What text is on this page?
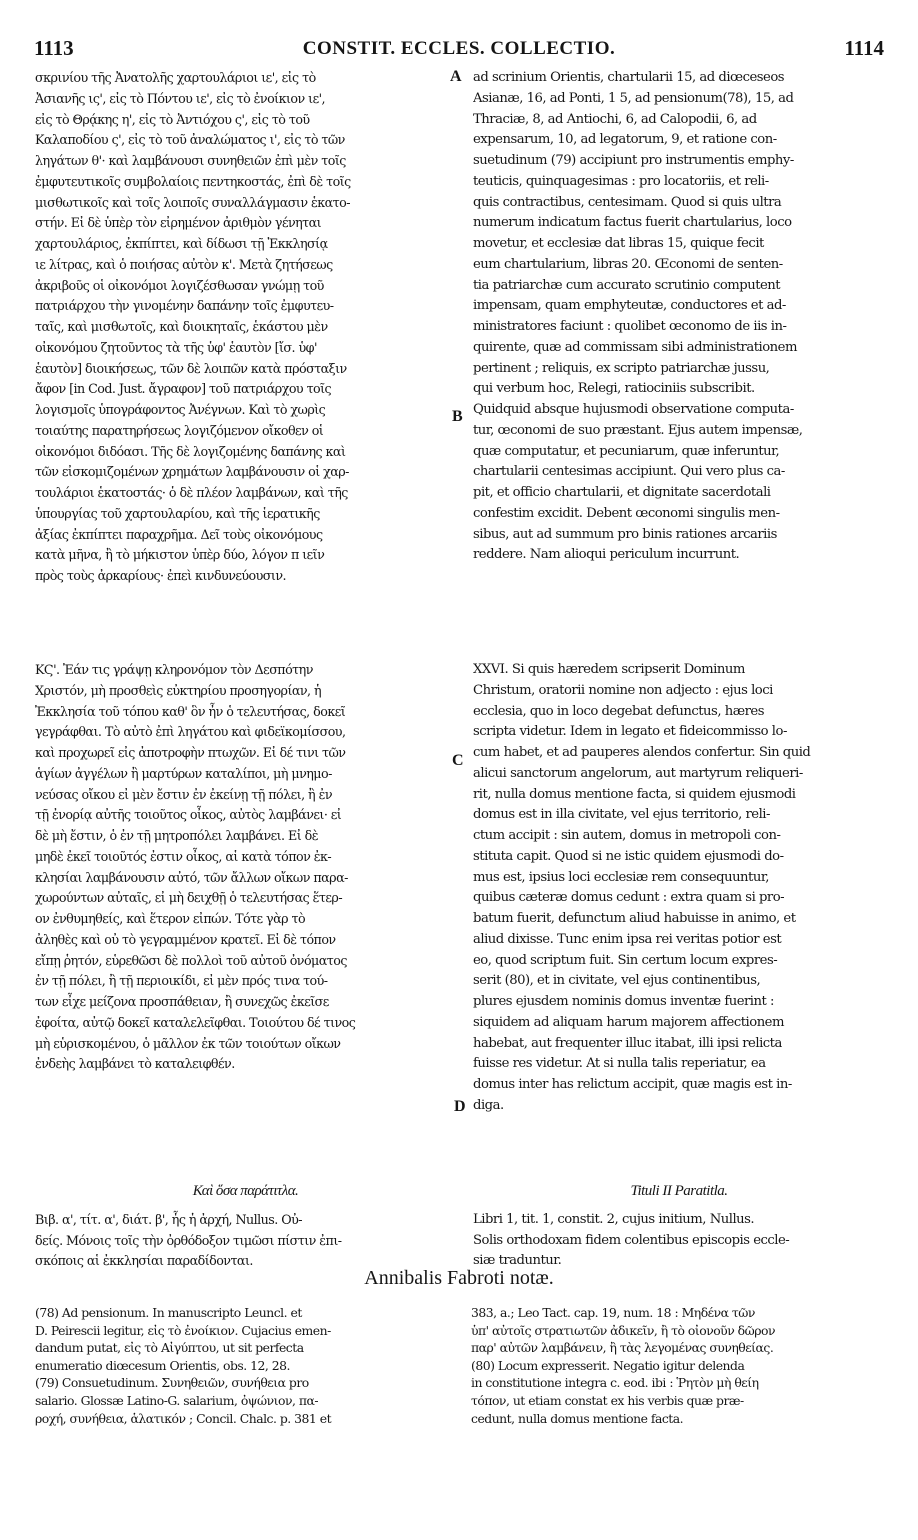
1113	CONSTIT. ECCLES. COLLECTIO.	1114
A
B
C
D
σκρινίου τῆς Ἀνατολῆς χαρτουλάριοι ιε', εἰς τὸ
Ἀσιανῆς ις', εἰς τὸ Πόντου ιε', εἰς τὸ ἐνοίκιον ιε',
εἰς τὸ Θρᾴκης η', εἰς τὸ Ἀντιόχου ς', εἰς τὸ τοῦ
Καλαποδίου ς', εἰς τὸ τοῦ ἀναλώματος ι', εἰς τὸ τῶν
ληγάτων θ'· καὶ λαμβάνουσι συνηθειῶν ἐπὶ μὲν τοῖς
ἐμφυτευτικοῖς συμβολαίοις πεντηκοστάς, ἐπὶ δὲ τοῖς
μισθωτικοῖς καὶ τοῖς λοιποῖς συναλλάγμασιν ἑκατο-
στήν. Εἰ δὲ ὑπὲρ τὸν εἰρημένον ἀριθμὸν γένηται
χαρτουλάριος, ἐκπίπτει, καὶ δίδωσι τῇ Ἐκκλησίᾳ
ιε λίτρας, καὶ ὁ ποιήσας αὐτὸν κ'. Μετὰ ζητήσεως
ἀκριβοῦς οἱ οἰκονόμοι λογιζέσθωσαν γνώμῃ τοῦ
πατριάρχου τὴν γινομένην δαπάνην τοῖς ἐμφυτευ-
ταῖς, καὶ μισθωτοῖς, καὶ διοικηταῖς, ἑκάστου μὲν
οἰκονόμου ζητοῦντος τὰ τῆς ὑφ' ἑαυτὸν [ἴσ. ὑφ'
ἑαυτὸν] διοικήσεως, τῶν δὲ λοιπῶν κατὰ πρόσταξιν
ἄφον [in Cod. Just. ἄγραφον] τοῦ πατριάρχου τοῖς
λογισμοῖς ὑπογράφοντος Ἀνέγνων. Καὶ τὸ χωρὶς
τοιαύτης παρατηρήσεως λογιζόμενον οἴκοθεν οἱ
οἰκονόμοι διδόασι. Τῆς δὲ λογιζομένης δαπάνης καὶ
τῶν εἰσκομιζομένων χρημάτων λαμβάνουσιν οἱ χαρ-
τουλάριοι ἑκατοστάς· ὁ δὲ πλέον λαμβάνων, καὶ τῆς
ὑπουργίας τοῦ χαρτουλαρίου, καὶ τῆς ἱερατικῆς
ἀξίας ἐκπίπτει παραχρῆμα. Δεῖ τοὺς οἰκονόμους
κατὰ μῆνα, ἢ τὸ μήκιστον ὑπὲρ δύο, λόγον π ιεῖν
πρὸς τοὺς ἀρκαρίους· ἐπεὶ κινδυνεύουσιν.
ad scrinium Orientis, chartularii 15, ad diœceseos
Asianæ, 16, ad Ponti, 1 5, ad pensionum(78), 15, ad
Thraciæ, 8, ad Antiochi, 6, ad Calopodii, 6, ad
expensarum, 10, ad legatorum, 9, et ratione con-
suetudinum (79) accipiunt pro instrumentis emphy-
teuticis, quinquagesimas : pro locatoriis, et reli-
quis contractibus, centesimam. Quod si quis ultra
numerum indicatum factus fuerit chartularius, loco
movetur, et ecclesiæ dat libras 15, quique fecit
eum chartularium, libras 20. Œconomi de senten-
tia patriarchæ cum accurato scrutinio computent
impensam, quam emphyteutæ, conductores et ad-
ministratores faciunt : quolibet œconomo de iis in-
quirente, quæ ad commissam sibi administrationem
pertinent ; reliquis, ex scripto patriarchæ jussu,
qui verbum hoc, Relegi, ratiociniis subscribit.
Quidquid absque hujusmodi observatione computa-
tur, œconomi de suo præstant. Ejus autem impensæ,
quæ computatur, et pecuniarum, quæ inferuntur,
chartularii centesimas accipiunt. Qui vero plus ca-
pit, et officio chartularii, et dignitate sacerdotali
confestim excidit. Debent œconomi singulis men-
sibus, aut ad summum pro binis rationes arcariis
reddere. Nam alioqui periculum incurrunt.
ΚϚ'. Ἐάν τις γράψῃ κληρονόμον τὸν Δεσπότην
Χριστόν, μὴ προσθεὶς εὐκτηρίου προσηγορίαν, ἡ
Ἐκκλησία τοῦ τόπου καθ' ὃν ἦν ὁ τελευτήσας, δοκεῖ
γεγράφθαι. Τὸ αὐτὸ ἐπὶ ληγάτου καὶ φιδεϊκομίσσου,
καὶ προχωρεῖ εἰς ἀποτροφὴν πτωχῶν. Εἰ δέ τινι τῶν
ἁγίων ἀγγέλων ἢ μαρτύρων καταλίποι, μὴ μνημο-
νεύσας οἴκου εἰ μὲν ἔστιν ἐν ἐκείνῃ τῇ πόλει, ἢ ἐν
τῇ ἐνορίᾳ αὐτῆς τοιοῦτος οἶκος, αὐτὸς λαμβάνει· εἰ
δὲ μὴ ἔστιν, ὁ ἐν τῇ μητροπόλει λαμβάνει. Εἰ δὲ
μηδὲ ἐκεῖ τοιοῦτός ἐστιν οἶκος, αἱ κατὰ τόπον ἐκ-
κλησίαι λαμβάνουσιν αὐτό, τῶν ἄλλων οἴκων παρα-
χωρούντων αὐταῖς, εἰ μὴ δειχθῇ ὁ τελευτήσας ἕτερ-
ον ἐνθυμηθείς, καὶ ἕτερον εἰπών. Τότε γὰρ τὸ
ἀληθὲς καὶ οὐ τὸ γεγραμμένον κρατεῖ. Εἰ δὲ τόπον
εἴπῃ ῥητόν, εὑρεθῶσι δὲ πολλοὶ τοῦ αὐτοῦ ὀνόματος
ἐν τῇ πόλει, ἢ τῇ περιοικίδι, εἰ μὲν πρός τινα τού-
των εἶχε μείζονα προσπάθειαν, ἢ συνεχῶς ἐκεῖσε
ἐφοίτα, αὐτῷ δοκεῖ καταλελεῖφθαι. Τοιούτου δέ τινος
μὴ εὑρισκομένου, ὁ μᾶλλον ἐκ τῶν τοιούτων οἴκων
ἐνδεὴς λαμβάνει τὸ καταλειφθέν.
XXVI. Si quis hæredem scripserit Dominum
Christum, oratorii nomine non adjecto : ejus loci
ecclesia, quo in loco degebat defunctus, hæres
scripta videtur. Idem in legato et fideicommisso lo-
cum habet, et ad pauperes alendos confertur. Sin quid
alicui sanctorum angelorum, aut martyrum reliqueri-
rit, nulla domus mentione facta, si quidem ejusmodi
domus est in illa civitate, vel ejus territorio, reli-
ctum accipit : sin autem, domus in metropoli con-
stituta capit. Quod si ne istic quidem ejusmodi do-
mus est, ipsius loci ecclesiæ rem consequuntur,
quibus cæteræ domus cedunt : extra quam si pro-
batum fuerit, defunctum aliud habuisse in animo, et
aliud dixisse. Tunc enim ipsa rei veritas potior est
eo, quod scriptum fuit. Sin certum locum expres-
serit (80), et in civitate, vel ejus continentibus,
plures ejusdem nominis domus inventæ fuerint :
siquidem ad aliquam harum majorem affectionem
habebat, aut frequenter illuc itabat, illi ipsi relicta
fuisse res videtur. At si nulla talis reperiatur, ea
domus inter has relictum accipit, quæ magis est in-
diga.
Καὶ ὅσα παράτιτλα.
Βιβ. α', τίτ. α', διάτ. β', ἧς ἡ ἀρχή, Nullus. Οὐ-
δείς. Μόνοις τοῖς τὴν ὀρθόδοξον τιμῶσι πίστιν ἐπι-
σκόποις αἱ ἐκκλησίαι παραδίδονται.
Tituli II Paratitla.
Libri 1, tit. 1, constit. 2, cujus initium, Nullus.
Solis orthodoxam fidem colentibus episcopis eccle-
siæ traduntur.
Annibalis Fabroti notæ.
(78) Ad pensionum. In manuscripto Leuncl. et
D. Peirescii legitur, εἰς τὸ ἐνοίκιον. Cujacius emen-
dandum putat, εἰς τὸ Αἰγύπτου, ut sit perfecta
enumeratio diœcesum Orientis, obs. 12, 28.
(79) Consuetudinum. Συνηθειῶν, συνήθεια pro
salario. Glossæ Latino-G. salarium, ὀψώνιον, πα-
ροχή, συνήθεια, ἁλατικόν ; Concil. Chalc. p. 381 et
383, a.; Leo Tact. cap. 19, num. 18 : Μηδένα τῶν
ὑπ' αὐτοῖς στρατιωτῶν ἀδικεῖν, ἢ τὸ οἰονοῦν δῶρον
παρ' αὐτῶν λαμβάνειν, ἢ τὰς λεγομένας συνηθείας.
(80) Locum expresserit. Negatio igitur delenda
in constitutione integra c. eod. ibi : Ῥητὸν μὴ θείη
τόπον, ut etiam constat ex his verbis quæ præ-
cedunt, nulla domus mentione facta.
